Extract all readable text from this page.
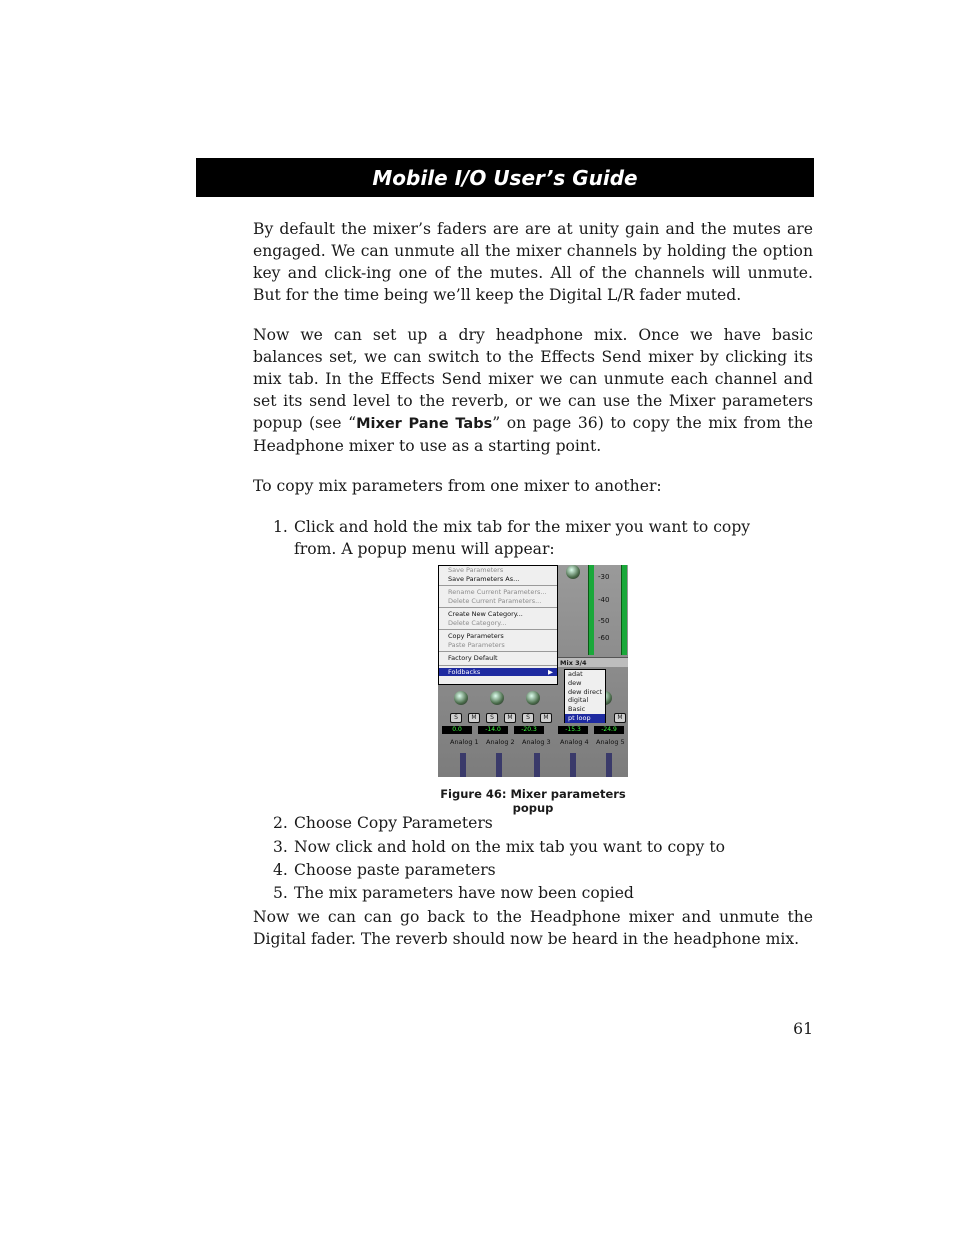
Mobile I/O User’s Guide

By default the mixer’s faders are are at unity gain and the mutes are engaged. We can unmute all the mixer channels by holding the option key and click-ing one of the mutes. All of the channels will unmute. But for the time being we’ll keep the Digital L/R fader muted.

Now we can set up a dry headphone mix. Once we have basic balances set, we can switch to the Effects Send mixer by clicking its mix tab. In the Effects Send mixer we can unmute each channel and set its send level to the reverb, or we can use the Mixer parameters popup (see “Mixer Pane Tabs” on page 36) to copy the mix from the Headphone mixer to use as a starting point.

To copy mix parameters from one mixer to another:

1. Click and hold the mix tab for the mixer you want to copy from. A popup menu will appear:
-30
-40
-50
-60
Mix 3/4
S	M	S	M	S	M	M
0.0	-14.0	-20.3	-15.3	-24.9
Analog 1 Analog 2 Analog 3 Analog 4 Analog 5
Save Parameters
Save Parameters As...
Rename Current Parameters...
Delete Current Parameters...
Create New Category...
Delete Category...
Copy Parameters
Paste Parameters
Factory Default
Foldbacks	▶	adat
dew
dew direct
digital
Basic
pt loop
Figure 46: Mixer parameters popup
2. Choose Copy Parameters
3. Now click and hold on the mix tab you want to copy to
4. Choose paste parameters
5. The mix parameters have now been copied

Now we can can go back to the Headphone mixer and unmute the Digital fader. The reverb should now be heard in the headphone mix.

61
